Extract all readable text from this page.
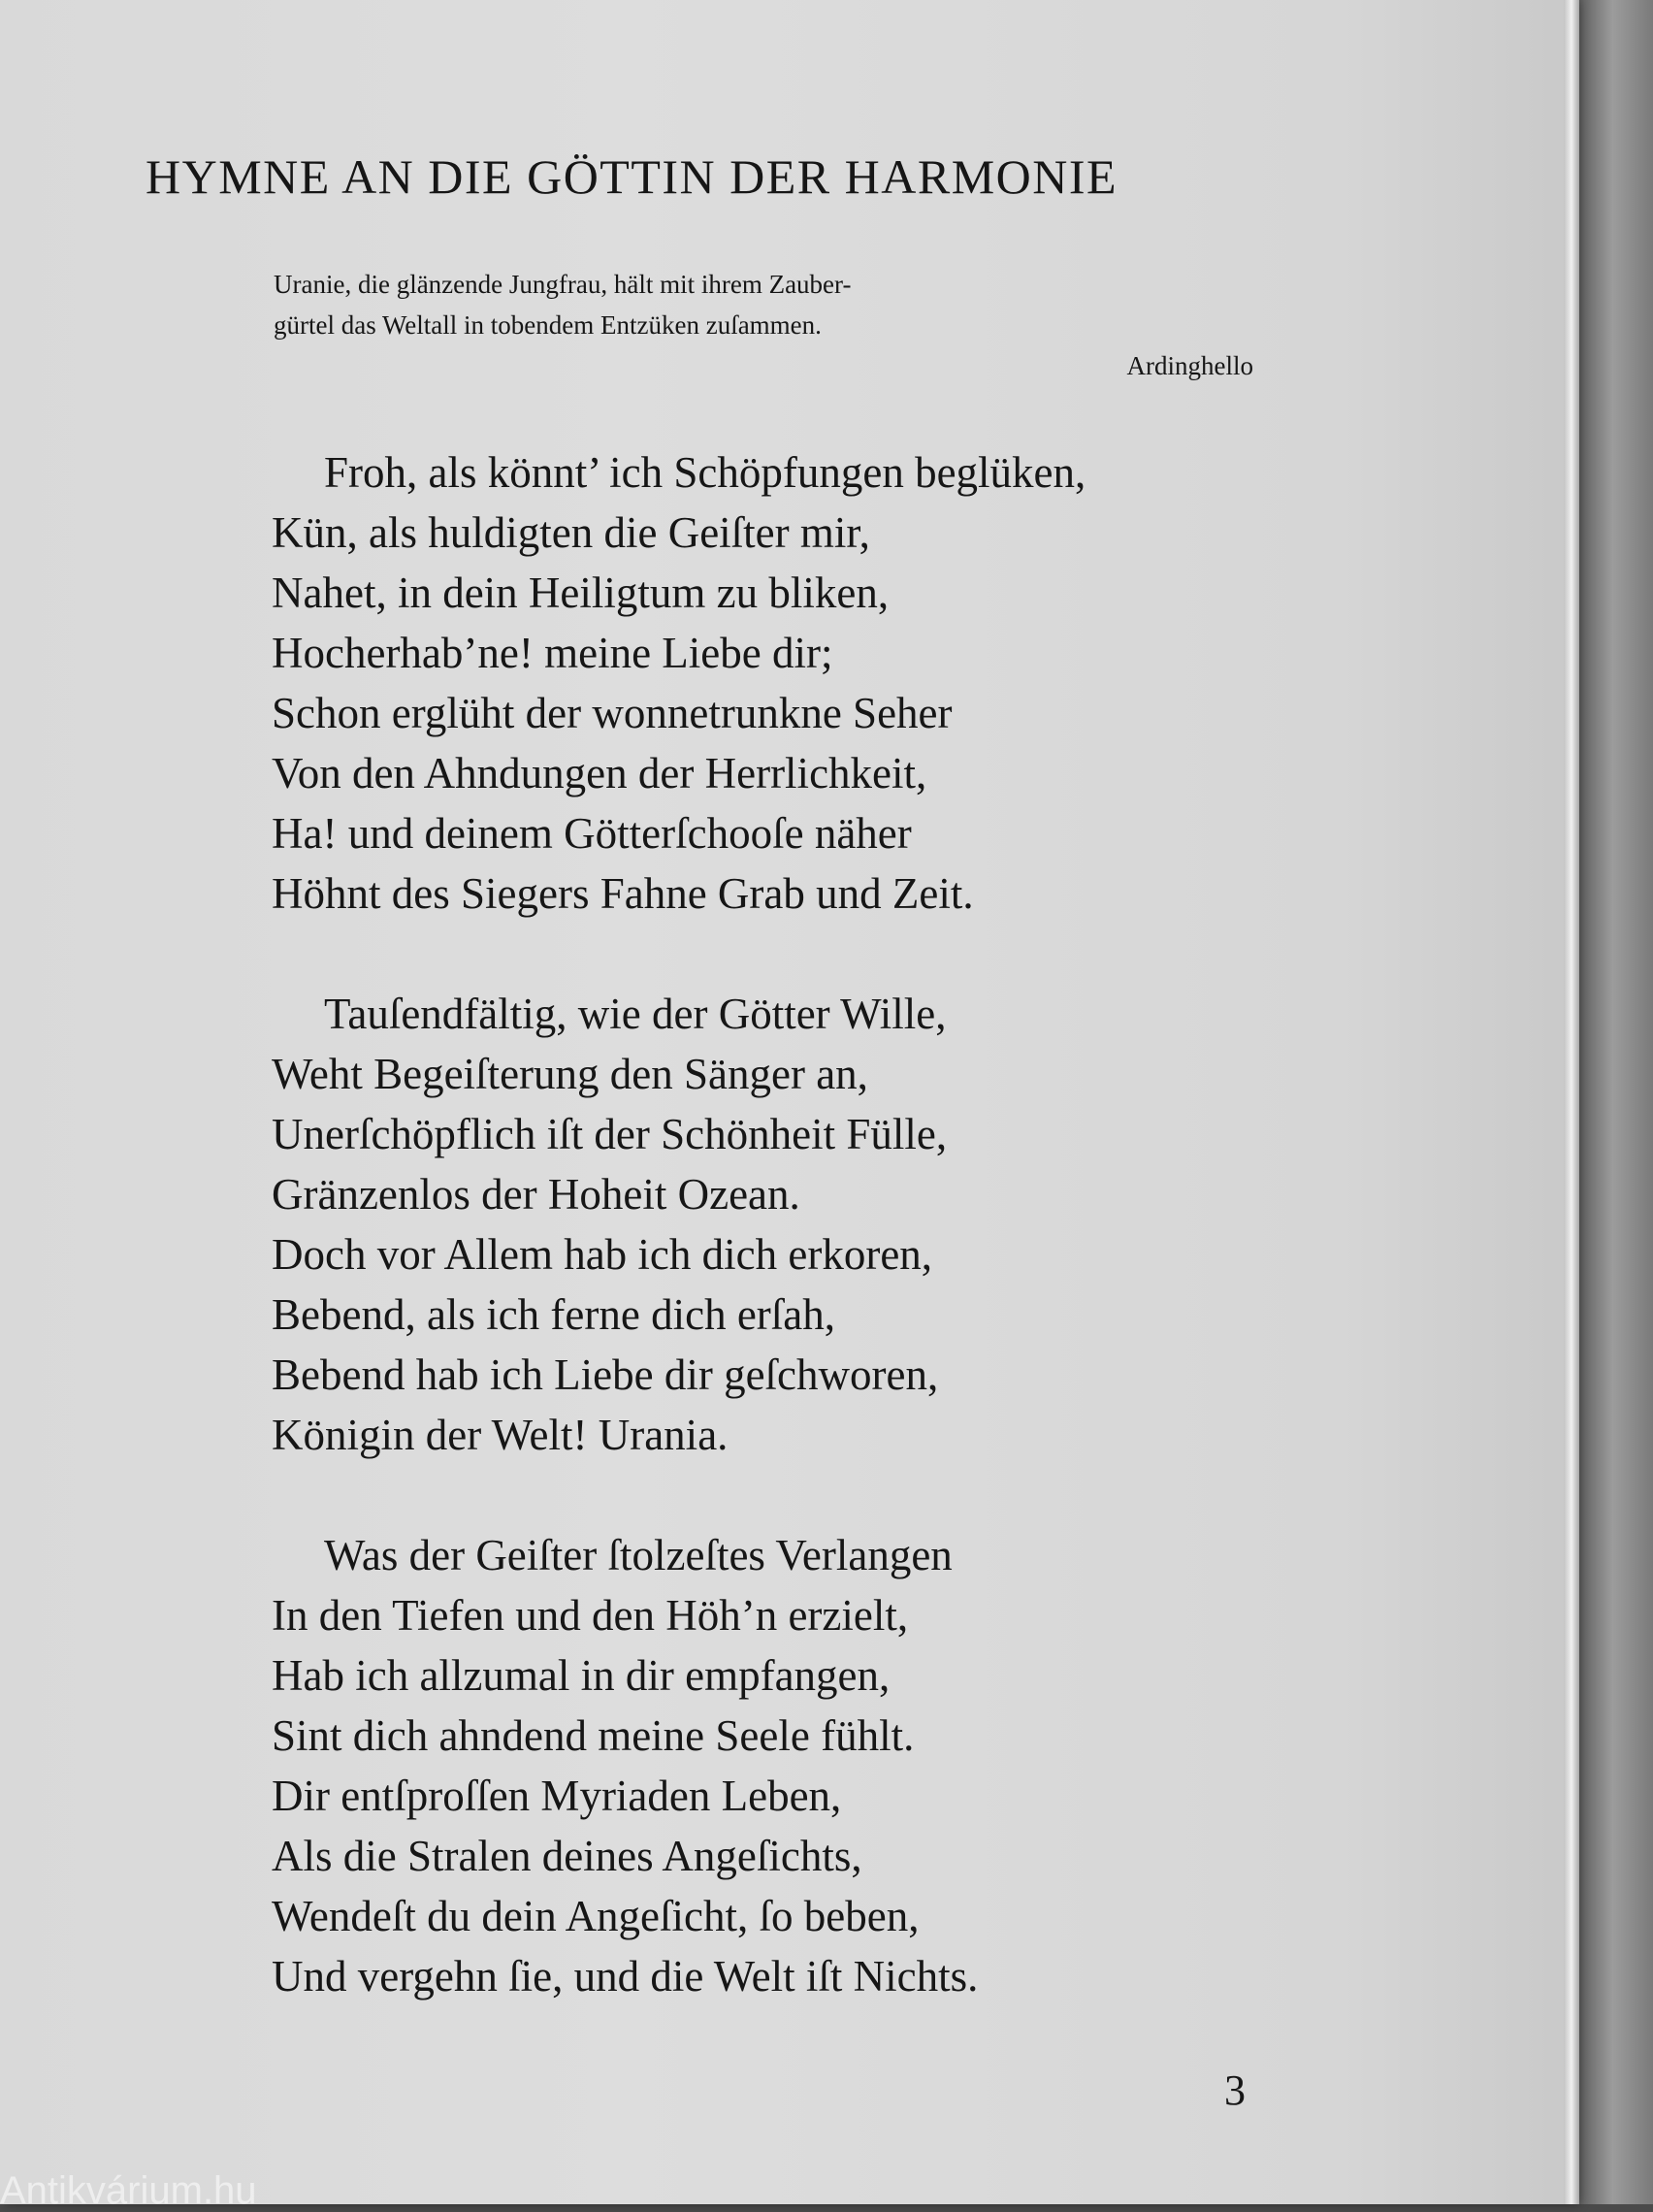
HYMNE AN DIE GÖTTIN DER HARMONIE
Uranie, die glänzende Jungfrau, hält mit ihrem Zauber-
gürtel das Weltall in tobendem Entzüken zuſammen.
Ardinghello
Froh, als könnt’ ich Schöpfungen beglüken,
Kün, als huldigten die Geiſter mir,
Nahet, in dein Heiligtum zu bliken,
Hocherhab’ne! meine Liebe dir;
Schon erglüht der wonnetrunkne Seher
Von den Ahndungen der Herrlichkeit,
Ha! und deinem Götterſchooſe näher
Höhnt des Siegers Fahne Grab und Zeit.
Tauſendfältig, wie der Götter Wille,
Weht Begeiſterung den Sänger an,
Unerſchöpflich iſt der Schönheit Fülle,
Gränzenlos der Hoheit Ozean.
Doch vor Allem hab ich dich erkoren,
Bebend, als ich ferne dich erſah,
Bebend hab ich Liebe dir geſchworen,
Königin der Welt! Urania.
Was der Geiſter ſtolzeſtes Verlangen
In den Tiefen und den Höh’n erzielt,
Hab ich allzumal in dir empfangen,
Sint dich ahndend meine Seele fühlt.
Dir entſproſſen Myriaden Leben,
Als die Stralen deines Angeſichts,
Wendeſt du dein Angeſicht, ſo beben,
Und vergehn ſie, und die Welt iſt Nichts.
3
Antikvárium.hu
